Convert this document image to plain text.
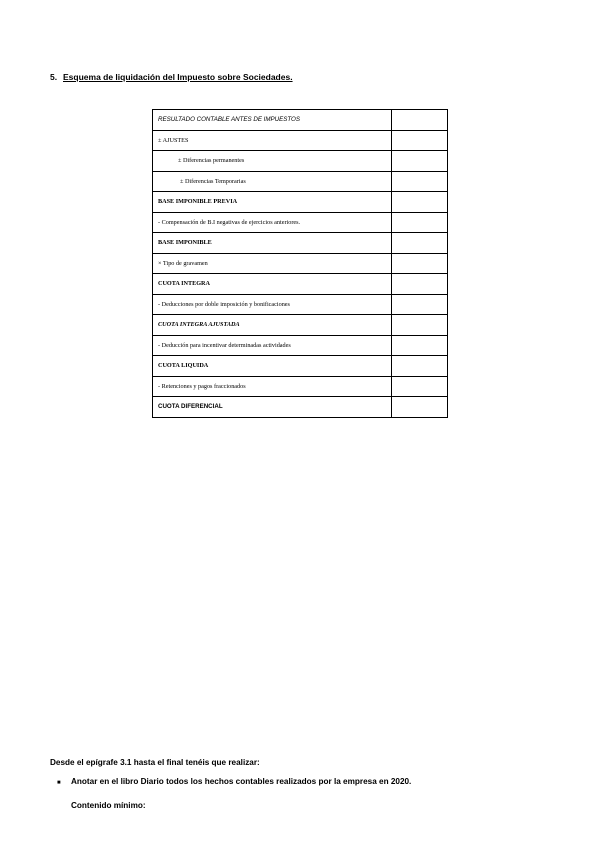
5. Esquema de liquidación del Impuesto sobre Sociedades.
RESULTADO CONTABLE ANTES DE IMPUESTOS	
± AJUSTES	
± Diferencias permanentes	
± Diferencias Temporarias	
BASE IMPONIBLE PREVIA	
- Compensación de B.I negativas de ejercicios anteriores.	
BASE IMPONIBLE	
× Tipo de gravamen	
CUOTA INTEGRA	
- Deducciones por doble imposición y bonificaciones	
CUOTA INTEGRA AJUSTADA	
- Deducción para incentivar determinadas actividades	
CUOTA LIQUIDA	
- Retenciones y pagos fraccionados	
CUOTA DIFERENCIAL	
Desde el epígrafe 3.1 hasta el final tenéis que realizar:
■ Anotar en el libro Diario todos los hechos contables realizados por la empresa en 2020.
Contenido mínimo:
